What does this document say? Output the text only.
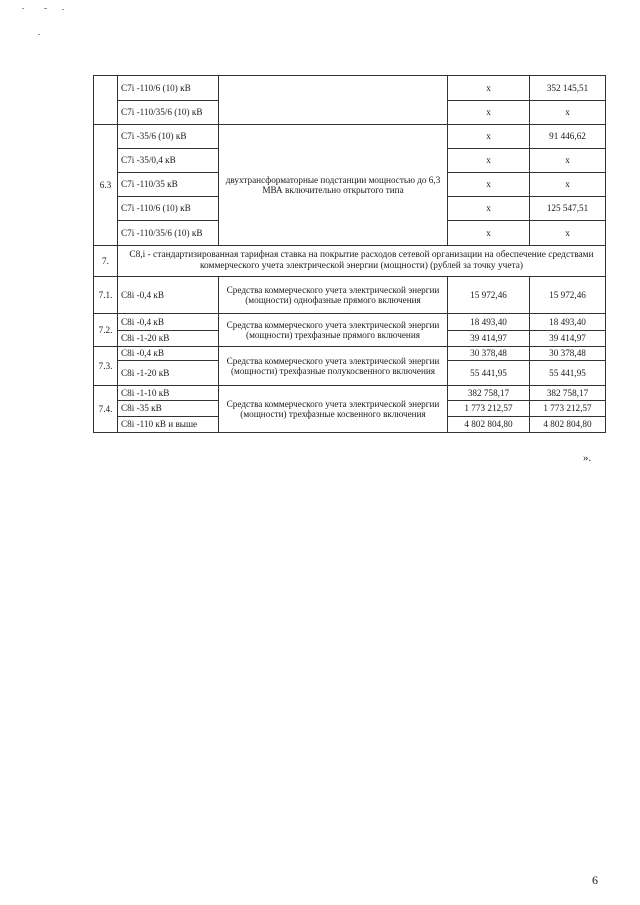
	C7i -110/6 (10) кВ		х	352 145,51
	C7i -110/35/6 (10) кВ		х	х
6.3	C7i -35/6 (10) кВ	двухтрансформаторные подстанции мощностью до 6,3 МВА включительно открытого типа	х	91 446,62
	C7i -35/0,4 кВ		х	х
	C7i -110/35 кВ		х	х
	C7i -110/6 (10) кВ		х	125 547,51
	C7i -110/35/6 (10) кВ		х	х
7.	C8,i - стандартизированная тарифная ставка на покрытие расходов сетевой организации на обеспечение средствами коммерческого учета электрической энергии (мощности) (рублей за точку учета)			
7.1.	C8i -0,4 кВ	Средства коммерческого учета электрической энергии (мощности) однофазные прямого включения	15 972,46	15 972,46
7.2.	C8i -0,4 кВ	Средства коммерческого учета электрической энергии (мощности) трехфазные прямого включения	18 493,40	18 493,40
	C8i -1-20 кВ		39 414,97	39 414,97
7.3.	C8i -0,4 кВ	Средства коммерческого учета электрической энергии (мощности) трехфазные полукосвенного включения	30 378,48	30 378,48
	C8i -1-20 кВ		55 441,95	55 441,95
7.4.	C8i -1-10 кВ	Средства коммерческого учета электрической энергии (мощности) трехфазные косвенного включения	382 758,17	382 758,17
	C8i -35 кВ		1 773 212,57	1 773 212,57
	C8i -110 кВ и выше		4 802 804,80	4 802 804,80
».
6
